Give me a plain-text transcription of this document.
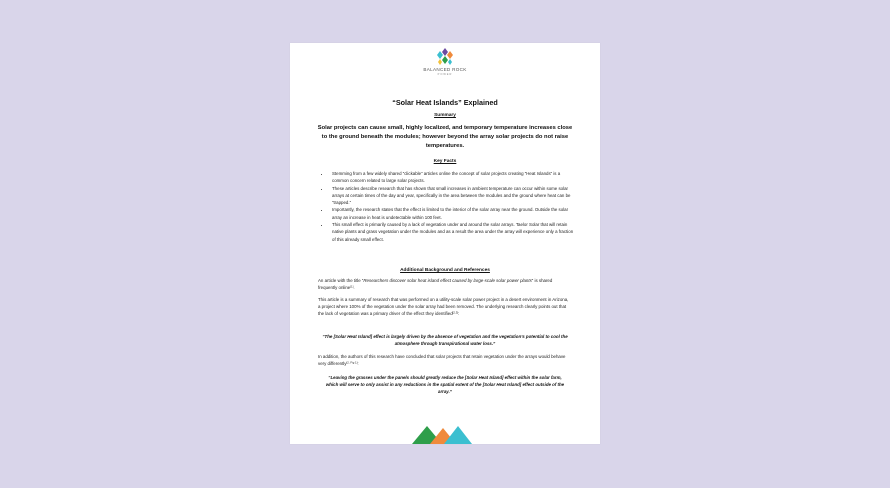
BALANCED ROCK
POWER
“Solar Heat Islands” Explained
Summary
Solar projects can cause small, highly localized, and temporary temperature increases close to the ground beneath the modules; however beyond the array solar projects do not raise temperatures.
Key Facts
• Stemming from a few widely shared “clickable” articles online the concept of solar projects creating “Heat Islands” is a common concern related to large solar projects.
• These articles describe research that has shown that small increases in ambient temperature can occur within some solar arrays at certain times of the day and year, specifically in the area between the modules and the ground where heat can be “trapped.”
• Importantly, the research states that the effect is limited to the interior of the solar array near the ground. Outside the solar array an increase in heat is undetectable within 100 feet.
• This small effect is primarily caused by a lack of vegetation under and around the solar arrays. Taelor Solar that will retain native plants and grass vegetation under the modules and as a result the area under the array will experience only a fraction of this already small effect.
Additional Background and References

An article with the title “Researchers discover solar heat island effect caused by large-scale solar power plants” is shared frequently online[1].

This article is a summary of research that was performed on a utility-scale solar power project in a desert environment in Arizona, a project where 100% of the vegetation under the solar array had been removed. The underlying research clearly points out that the lack of vegetation was a primary driver of the effect they identified[2,3]:

“The [Solar Heat Island] effect is largely driven by the absence of vegetation and the vegetation’s potential to cool the atmosphere through transpirational water loss.”

In addition, the authors of this research have concluded that solar projects that retain vegetation under the arrays would behave very differently[2, Fig 1]:

“Leaving the grasses under the panels should greatly reduce the [Solar Heat Island] effect within the solar farm, which will serve to only assist in any reductions in the spatial extent of the [Solar Heat Island] effect outside of the array.”
